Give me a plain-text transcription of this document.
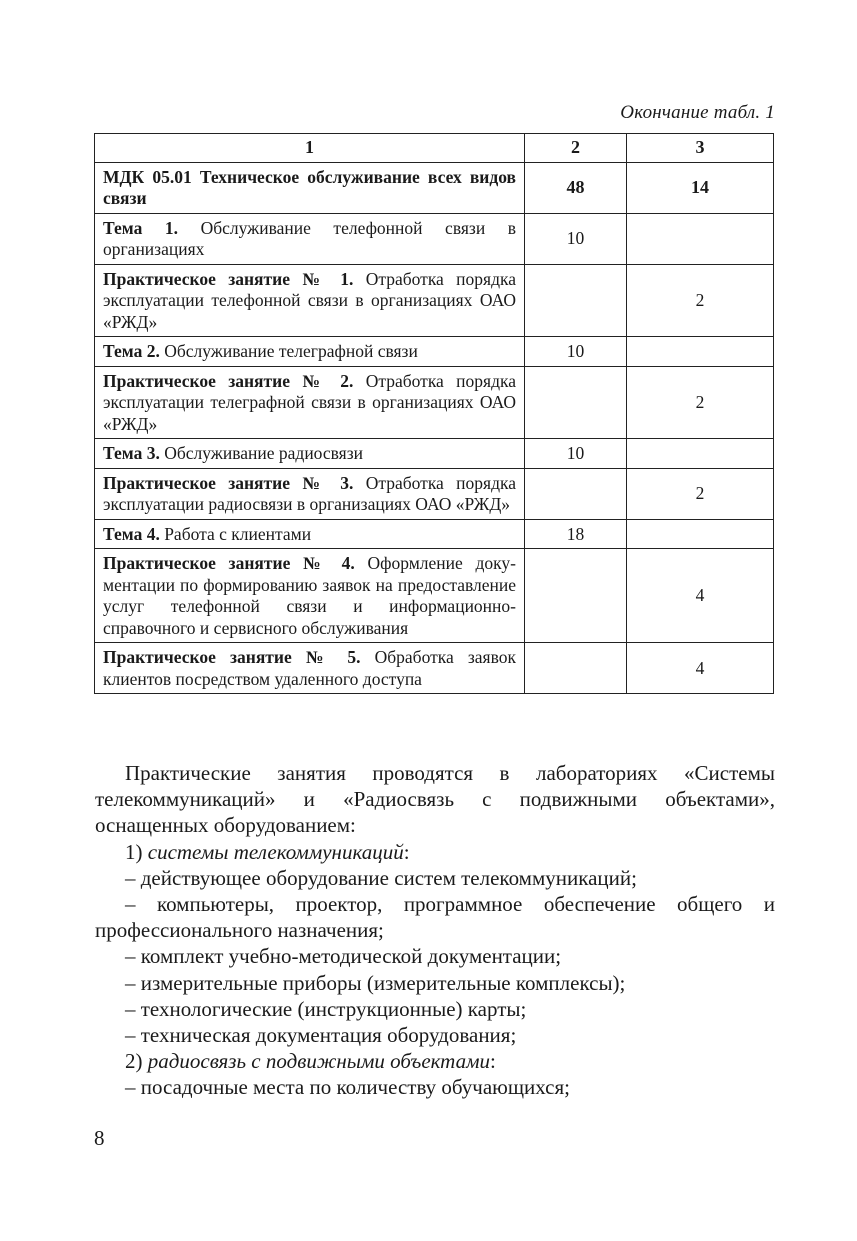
Окончание табл. 1
1	2	3
МДК 05.01 Техническое обслуживание всех видов связи	48	14
Тема 1. Обслуживание телефонной связи в организациях	10	
Практическое занятие № 1. Отработка порядка эксплуатации телефонной связи в организациях ОАО «РЖД»		2
Тема 2. Обслуживание телеграфной связи	10	
Практическое занятие № 2. Отработка порядка эксплуатации телеграфной связи в организациях ОАО «РЖД»		2
Тема 3. Обслуживание радиосвязи	10	
Практическое занятие № 3. Отработка порядка эксплуатации радиосвязи в организациях ОАО «РЖД»		2
Тема 4. Работа с клиентами	18	
Практическое занятие № 4. Оформление документации по формированию заявок на предоставление услуг телефонной связи и информационно-справочного и сервисного обслуживания		4
Практическое занятие № 5. Обработка заявок клиентов посредством удаленного доступа		4

Практические занятия проводятся в лабораториях «Системы телекоммуникаций» и «Радиосвязь с подвижными объектами», оснащенных оборудованием:

1) системы телекоммуникаций:

– действующее оборудование систем телекоммуникаций;

– компьютеры, проектор, программное обеспечение общего и профессионального назначения;

– комплект учебно-методической документации;

– измерительные приборы (измерительные комплексы);

– технологические (инструкционные) карты;

– техническая документация оборудования;

2) радиосвязь с подвижными объектами:

– посадочные места по количеству обучающихся;

8
